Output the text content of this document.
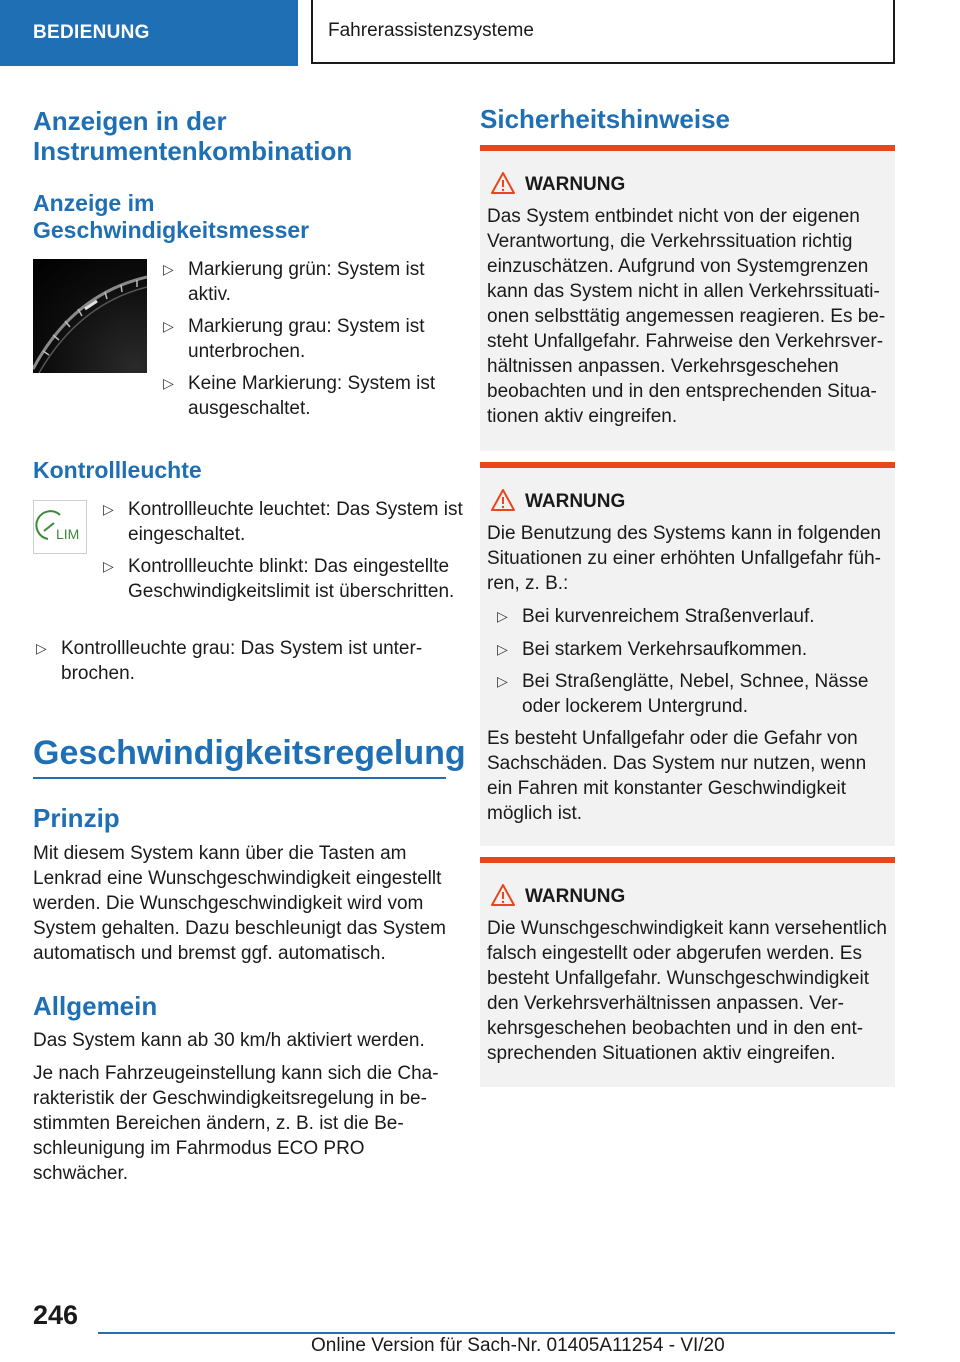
BEDIENUNG	Fahrerassistenzsysteme
Anzeigen in der Instrumentenkombination
Anzeige im Geschwindigkeitsmesser
▷ Markierung grün: System ist aktiv.
▷ Markierung grau: System ist unterbrochen.
▷ Keine Markierung: System ist ausgeschaltet.
Kontrollleuchte
LIM
▷ Kontrollleuchte leuchtet: Das System ist eingeschaltet.
▷ Kontrollleuchte blinkt: Das eingestellte Geschwindigkeitslimit ist überschritten.
▷ Kontrollleuchte grau: Das System ist unterbrochen.
Geschwindigkeitsregelung
Prinzip
Mit diesem System kann über die Tasten am Lenkrad eine Wunschgeschwindigkeit eingestellt werden. Die Wunschgeschwindigkeit wird vom System gehalten. Dazu beschleunigt das System automatisch und bremst ggf. automatisch.
Allgemein
Das System kann ab 30 km/h aktiviert werden.
Je nach Fahrzeugeinstellung kann sich die Charakteristik der Geschwindigkeitsregelung in bestimmten Bereichen ändern, z. B. ist die Beschleunigung im Fahrmodus ECO PRO schwächer.
Sicherheitshinweise
WARNUNG
Das System entbindet nicht von der eigenen Verantwortung, die Verkehrssituation richtig einzuschätzen. Aufgrund von Systemgrenzen kann das System nicht in allen Verkehrssituationen selbsttätig angemessen reagieren. Es besteht Unfallgefahr. Fahrweise den Verkehrsverhältnissen anpassen. Verkehrsgeschehen beobachten und in den entsprechenden Situationen aktiv eingreifen.
WARNUNG
Die Benutzung des Systems kann in folgenden Situationen zu einer erhöhten Unfallgefahr führen, z. B.:
▷ Bei kurvenreichem Straßenverlauf.
▷ Bei starkem Verkehrsaufkommen.
▷ Bei Straßenglätte, Nebel, Schnee, Nässe oder lockerem Untergrund.
Es besteht Unfallgefahr oder die Gefahr von Sachschäden. Das System nur nutzen, wenn ein Fahren mit konstanter Geschwindigkeit möglich ist.
WARNUNG
Die Wunschgeschwindigkeit kann versehentlich falsch eingestellt oder abgerufen werden. Es besteht Unfallgefahr. Wunschgeschwindigkeit den Verkehrsverhältnissen anpassen. Verkehrsgeschehen beobachten und in den entsprechenden Situationen aktiv eingreifen.
246
Online Version für Sach-Nr. 01405A11254 - VI/20
